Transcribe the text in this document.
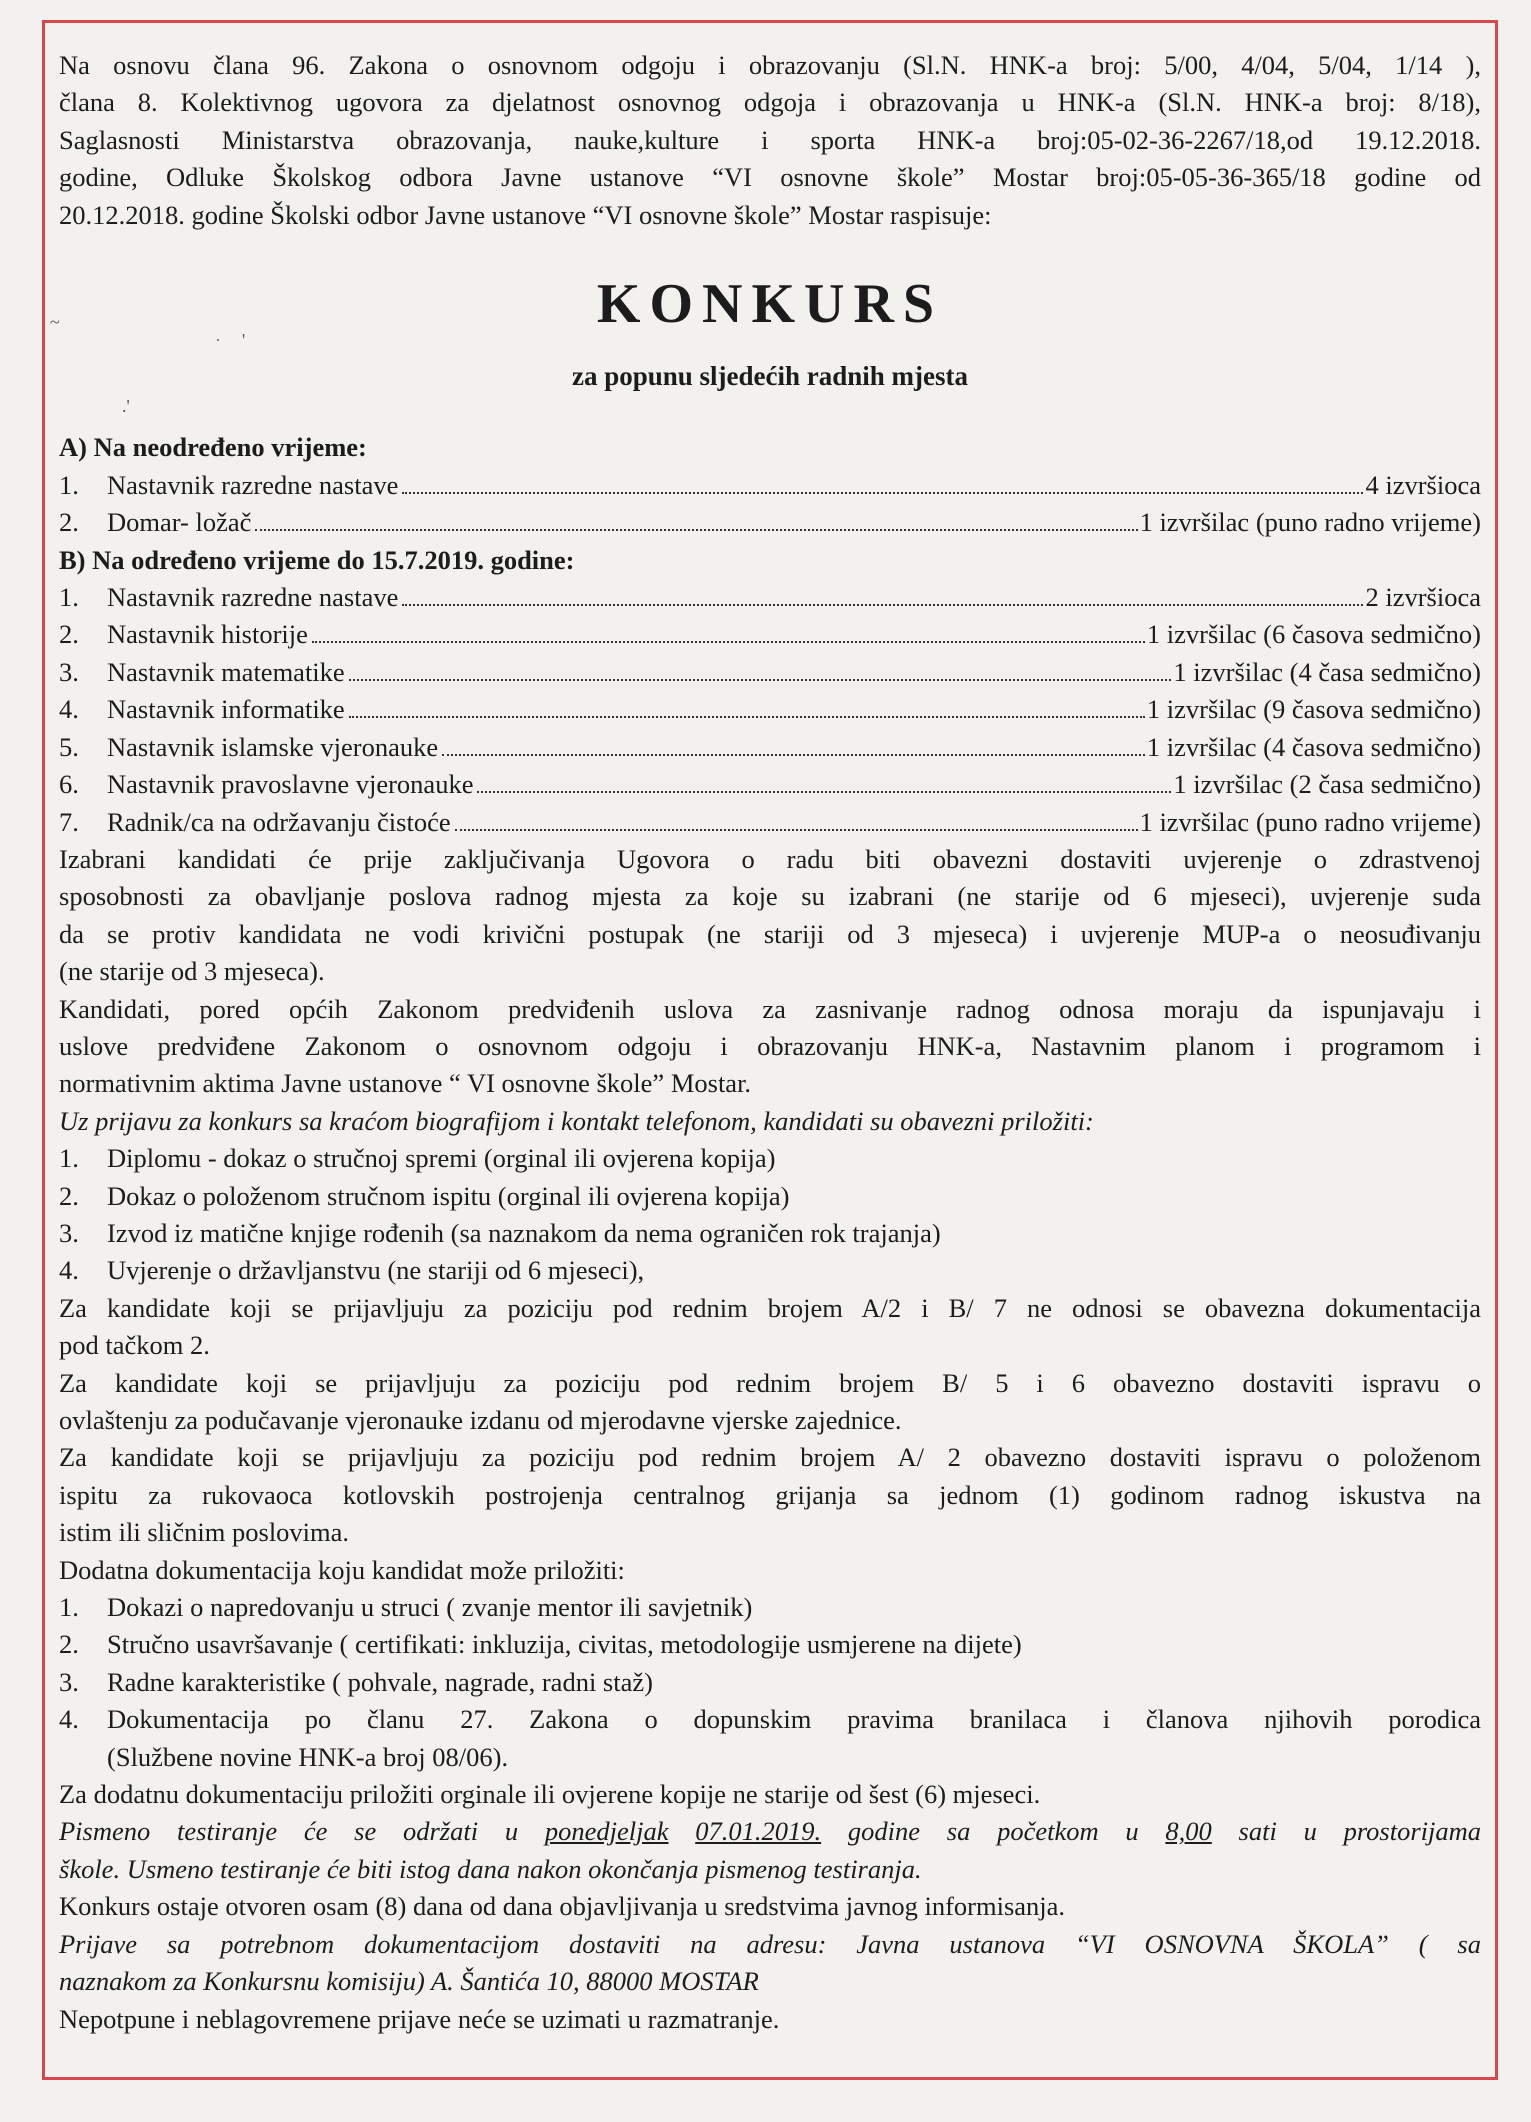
Na osnovu člana 96. Zakona o osnovnom odgoju i obrazovanju (Sl.N. HNK-a broj: 5/00, 4/04, 5/04, 1/14 ),

člana 8. Kolektivnog ugovora za djelatnost osnovnog odgoja i obrazovanja u HNK-a (Sl.N. HNK-a broj: 8/18),

Saglasnosti Ministarstva obrazovanja, nauke,kulture i sporta HNK-a broj:05-02-36-2267/18,od 19.12.2018.

godine, Odluke Školskog odbora Javne ustanove “VI osnovne škole” Mostar broj:05-05-36-365/18 godine od

20.12.2018. godine Školski odbor Javne ustanove “VI osnovne škole” Mostar raspisuje:

KONKURS

za popunu sljedećih radnih mjesta

A) Na neodređeno vrijeme:

1.	Nastavnik razredne nastave	4 izvršioca
2.	Domar- ložač	1 izvršilac (puno radno vrijeme)

B) Na određeno vrijeme do 15.7.2019. godine:

1.	Nastavnik razredne nastave	2 izvršioca
2.	Nastavnik historije	1 izvršilac (6 časova sedmično)
3.	Nastavnik matematike	1 izvršilac (4 časa sedmično)
4.	Nastavnik informatike	1 izvršilac (9 časova sedmično)
5.	Nastavnik islamske vjeronauke	1 izvršilac (4 časova sedmično)
6.	Nastavnik pravoslavne vjeronauke	1 izvršilac (2 časa sedmično)
7.	Radnik/ca na održavanju čistoće	1 izvršilac (puno radno vrijeme)

Izabrani kandidati će prije zaključivanja Ugovora o radu biti obavezni dostaviti uvjerenje o zdrastvenoj

sposobnosti za obavljanje poslova radnog mjesta za koje su izabrani (ne starije od 6 mjeseci), uvjerenje suda

da se protiv kandidata ne vodi krivični postupak (ne stariji od 3 mjeseca) i uvjerenje MUP-a o neosuđivanju

(ne starije od 3 mjeseca).

Kandidati, pored općih Zakonom predviđenih uslova za zasnivanje radnog odnosa moraju da ispunjavaju i

uslove predviđene Zakonom o osnovnom odgoju i obrazovanju HNK-a, Nastavnim planom i programom i

normativnim aktima Javne ustanove “ VI osnovne škole” Mostar.

Uz prijavu za konkurs sa kraćom biografijom i kontakt telefonom, kandidati su obavezni priložiti:

1.	Diplomu - dokaz o stručnoj spremi (orginal ili ovjerena kopija)
2.	Dokaz o položenom stručnom ispitu (orginal ili ovjerena kopija)
3.	Izvod iz matične knjige rođenih (sa naznakom da nema ograničen rok trajanja)
4.	Uvjerenje o državljanstvu (ne stariji od 6 mjeseci),

Za kandidate koji se prijavljuju za poziciju pod rednim brojem A/2 i B/ 7 ne odnosi se obavezna dokumentacija

pod tačkom 2.

Za kandidate koji se prijavljuju za poziciju pod rednim brojem B/ 5 i 6 obavezno dostaviti ispravu o

ovlaštenju za podučavanje vjeronauke izdanu od mjerodavne vjerske zajednice.

Za kandidate koji se prijavljuju za poziciju pod rednim brojem A/ 2 obavezno dostaviti ispravu o položenom

ispitu za rukovaoca kotlovskih postrojenja centralnog grijanja sa jednom (1) godinom radnog iskustva na

istim ili sličnim poslovima.

Dodatna dokumentacija koju kandidat može priložiti:

1.	Dokazi o napredovanju u struci ( zvanje mentor ili savjetnik)
2.	Stručno usavršavanje ( certifikati: inkluzija, civitas, metodologije usmjerene na dijete)
3.	Radne karakteristike ( pohvale, nagrade, radni staž)
4.	Dokumentacija po članu 27. Zakona o dopunskim pravima branilaca i članova njihovih porodica
(Službene novine HNK-a broj 08/06).

Za dodatnu dokumentaciju priložiti orginale ili ovjerene kopije ne starije od šest (6) mjeseci.

Pismeno testiranje će se održati u ponedjeljak 07.01.2019. godine sa početkom u 8,00 sati u prostorijama

škole. Usmeno testiranje će biti istog dana nakon okončanja pismenog testiranja.

Konkurs ostaje otvoren osam (8) dana od dana objavljivanja u sredstvima javnog informisanja.

Prijave sa potrebnom dokumentacijom dostaviti na adresu: Javna ustanova “VI OSNOVNA ŠKOLA” ( sa

naznakom za Konkursnu komisiju) A. Šantića 10, 88000 MOSTAR

Nepotpune i neblagovremene prijave neće se uzimati u razmatranje.

~
˙ '
.'
